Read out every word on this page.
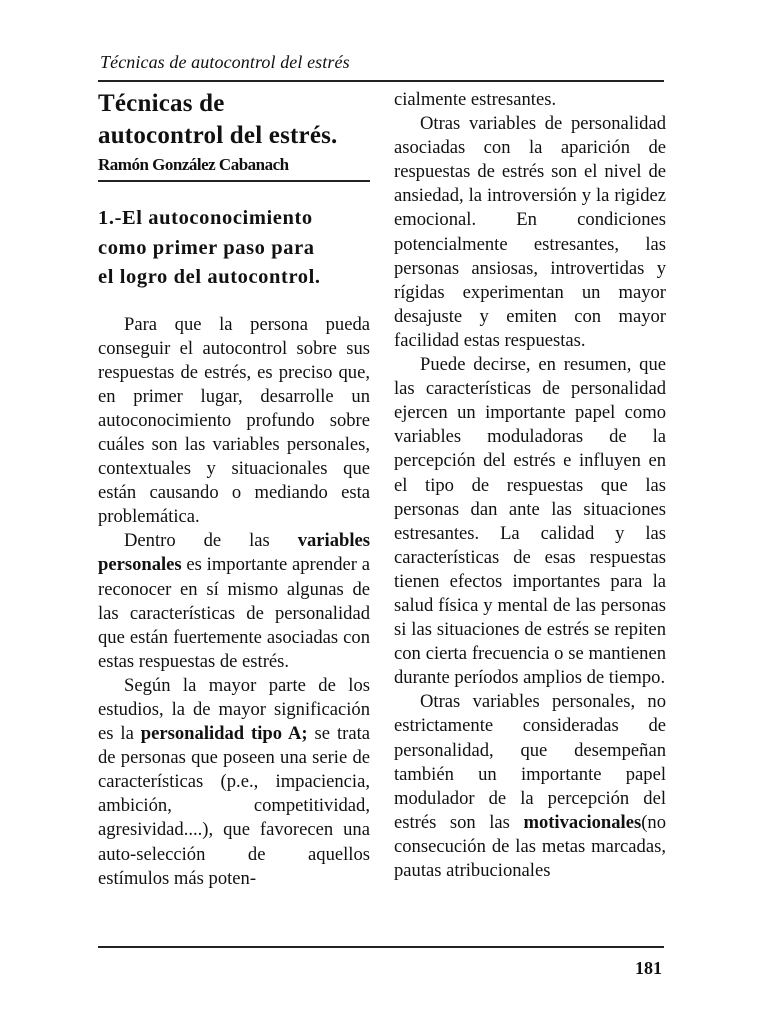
Técnicas de autocontrol del estrés
Técnicas de
autocontrol del estrés.
Ramón González Cabanach
1.-El autoconocimiento
como primer paso para
el logro del autocontrol.

Para que la persona pueda conseguir el autocontrol sobre sus respuestas de estrés, es preciso que, en primer lugar, desarrolle un autoconocimiento profundo sobre cuáles son las variables personales, contextuales y situacionales que están causando o mediando esta problemática.

Dentro de las variables personales es importante aprender a reconocer en sí mismo algunas de las características de personalidad que están fuertemente asociadas con estas respuestas de estrés.

Según la mayor parte de los estudios, la de mayor significación es la personalidad tipo A; se trata de personas que poseen una serie de características (p.e., impaciencia, ambición, competitividad, agresividad....), que favorecen una auto-selección de aquellos estímulos más poten-

cialmente estresantes.

Otras variables de personalidad asociadas con la aparición de respuestas de estrés son el nivel de ansiedad, la introversión y la rigidez emocional. En condiciones potencialmente estresantes, las personas ansiosas, introvertidas y rígidas experimentan un mayor desajuste y emiten con mayor facilidad estas respuestas.

Puede decirse, en resumen, que las características de personalidad ejercen un importante papel como variables moduladoras de la percepción del estrés e influyen en el tipo de respuestas que las personas dan ante las situaciones estresantes. La calidad y las características de esas respuestas tienen efectos importantes para la salud física y mental de las personas si las situaciones de estrés se repiten con cierta frecuencia o se mantienen durante períodos amplios de tiempo.

Otras variables personales, no estrictamente consideradas de personalidad, que desempeñan también un importante papel modulador de la percepción del estrés son las motivacionales(no consecución de las metas marcadas, pautas atribucionales

181
